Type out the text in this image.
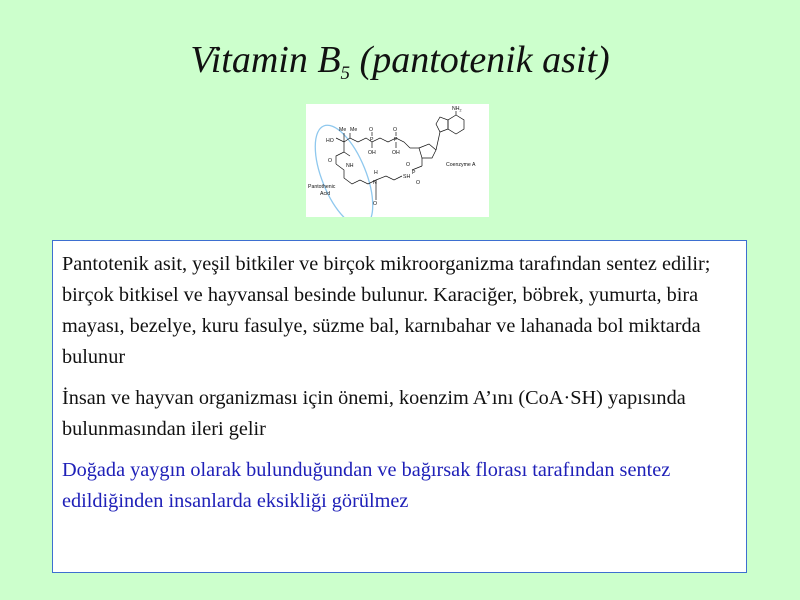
Vitamin $B_5$ (pantotenik asit)
$NH_2$
Me Me
HO
O	O
P	P
OH	OH
O
NH
H
N
O
SH
Coenzyme A
Pantothenic
Acid
O
P
O

Pantotenik asit, yeşil bitkiler ve birçok mikroorganizma tarafından sentez edilir; birçok bitkisel ve hayvansal besinde bulunur. Karaciğer, böbrek, yumurta, bira mayası, bezelye, kuru fasulye, süzme bal, karnıbahar ve lahanada bol miktarda bulunur

İnsan ve hayvan organizması için önemi, koenzim A’ını (CoA·SH) yapısında bulunmasından ileri gelir

Doğada yaygın olarak bulunduğundan ve bağırsak florası tarafından sentez edildiğinden insanlarda eksikliği görülmez
